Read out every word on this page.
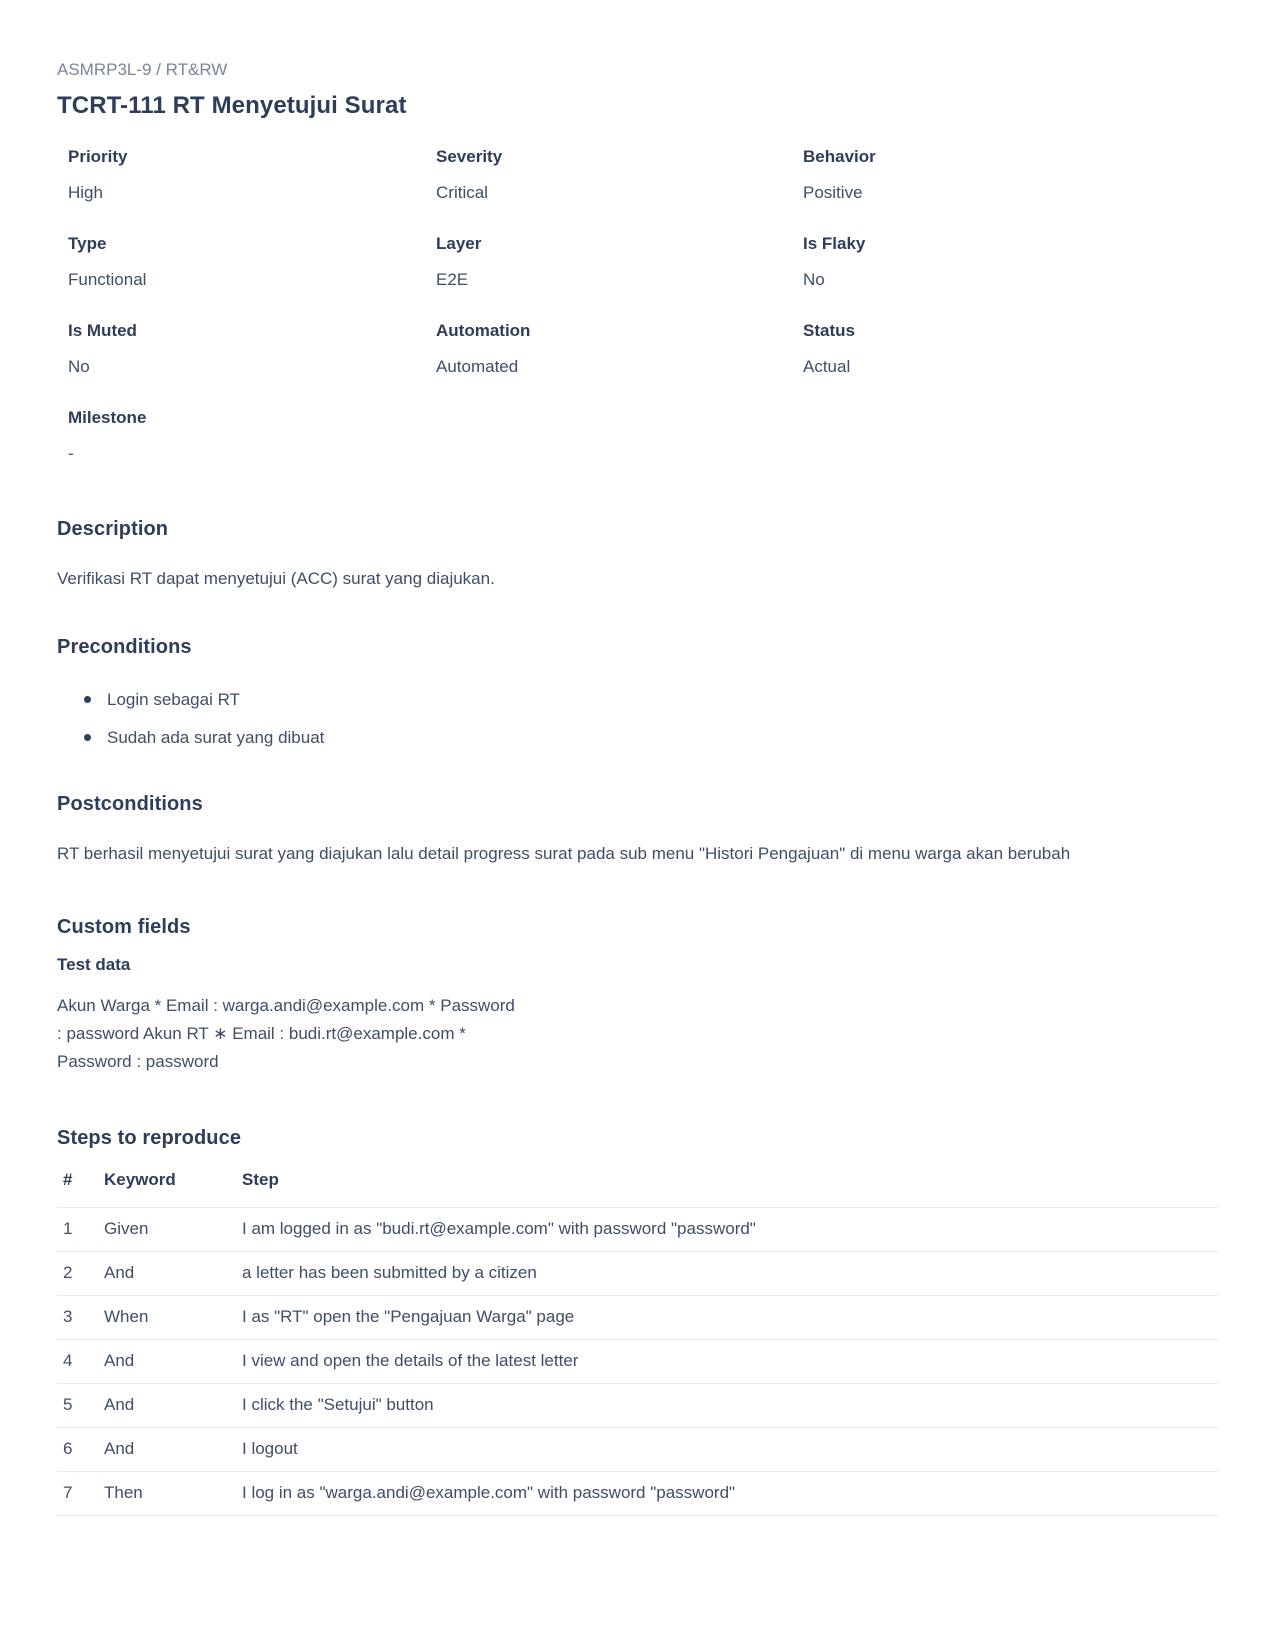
ASMRP3L-9 / RT&RW
TCRT-111 RT Menyetujui Surat
Priority
High
Severity
Critical
Behavior
Positive
Type
Functional
Layer
E2E
Is Flaky
No
Is Muted
No
Automation
Automated
Status
Actual
Milestone
-
Description

Verifikasi RT dapat menyetujui (ACC) surat yang diajukan.

Preconditions
Login sebagai RT
Sudah ada surat yang dibuat
Postconditions

RT berhasil menyetujui surat yang diajukan lalu detail progress surat pada sub menu "Histori Pengajuan" di menu warga akan berubah

Custom fields
Test data
Akun Warga * Email : warga.andi@example.com * Password
: password Akun RT ∗ Email : budi.rt@example.com *
Password : password
Steps to reproduce
#	Keyword	Step
1	Given	I am logged in as "budi.rt@example.com" with password "password"
2	And	a letter has been submitted by a citizen
3	When	I as "RT" open the "Pengajuan Warga" page
4	And	I view and open the details of the latest letter
5	And	I click the "Setujui" button
6	And	I logout
7	Then	I log in as "warga.andi@example.com" with password "password"
